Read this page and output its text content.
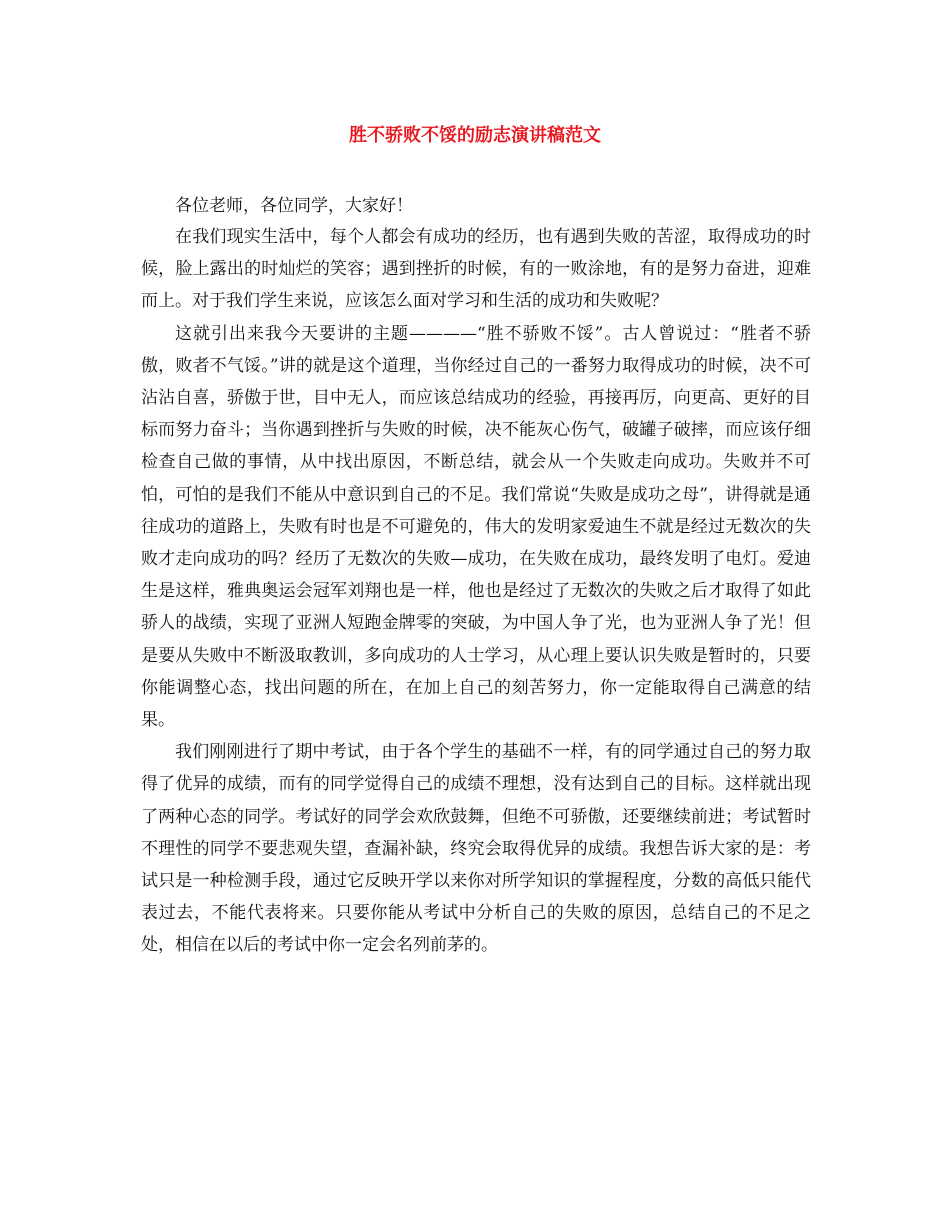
胜不骄败不馁的励志演讲稿范文

各位老师，各位同学，大家好！

在我们现实生活中，每个人都会有成功的经历，也有遇到失败的苦涩，取得成功的时候，脸上露出的时灿烂的笑容；遇到挫折的时候，有的一败涂地，有的是努力奋进，迎难而上。对于我们学生来说，应该怎么面对学习和生活的成功和失败呢？

这就引出来我今天要讲的主题————“胜不骄败不馁”。古人曾说过：“胜者不骄傲，败者不气馁。”讲的就是这个道理，当你经过自己的一番努力取得成功的时候，决不可沾沾自喜，骄傲于世，目中无人，而应该总结成功的经验，再接再厉，向更高、更好的目标而努力奋斗；当你遇到挫折与失败的时候，决不能灰心伤气，破罐子破摔，而应该仔细检查自己做的事情，从中找出原因，不断总结，就会从一个失败走向成功。失败并不可怕，可怕的是我们不能从中意识到自己的不足。我们常说“失败是成功之母”，讲得就是通往成功的道路上，失败有时也是不可避免的，伟大的发明家爱迪生不就是经过无数次的失败才走向成功的吗？经历了无数次的失败—成功，在失败在成功，最终发明了电灯。爱迪生是这样，雅典奥运会冠军刘翔也是一样，他也是经过了无数次的失败之后才取得了如此骄人的战绩，实现了亚洲人短跑金牌零的突破，为中国人争了光，也为亚洲人争了光！但是要从失败中不断汲取教训，多向成功的人士学习，从心理上要认识失败是暂时的，只要你能调整心态，找出问题的所在，在加上自己的刻苦努力，你一定能取得自己满意的结果。

我们刚刚进行了期中考试，由于各个学生的基础不一样，有的同学通过自己的努力取得了优异的成绩，而有的同学觉得自己的成绩不理想，没有达到自己的目标。这样就出现了两种心态的同学。考试好的同学会欢欣鼓舞，但绝不可骄傲，还要继续前进；考试暂时不理性的同学不要悲观失望，查漏补缺，终究会取得优异的成绩。我想告诉大家的是：考试只是一种检测手段，通过它反映开学以来你对所学知识的掌握程度，分数的高低只能代表过去，不能代表将来。只要你能从考试中分析自己的失败的原因，总结自己的不足之处，相信在以后的考试中你一定会名列前茅的。
